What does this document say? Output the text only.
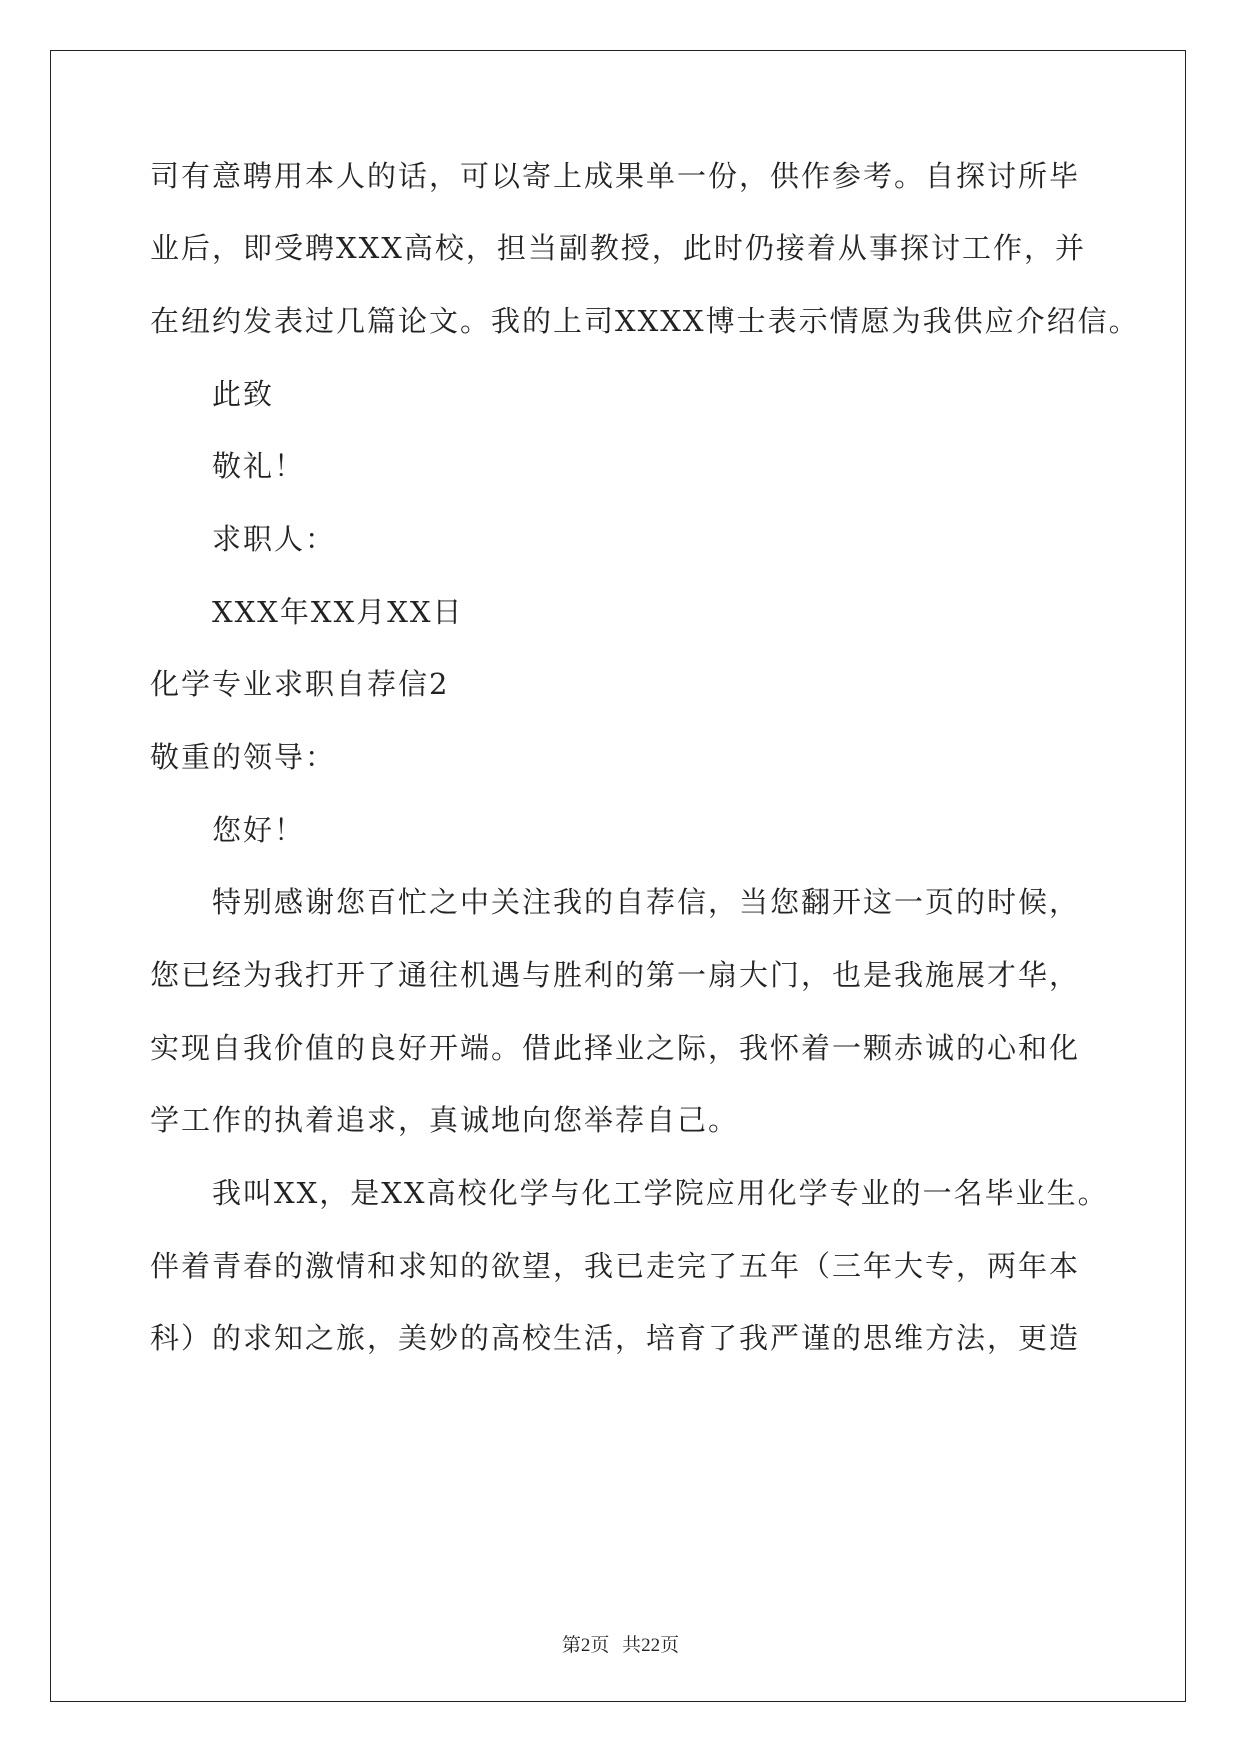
司有意聘用本人的话，可以寄上成果单一份，供作参考。自探讨所毕
业后，即受聘XXX高校，担当副教授，此时仍接着从事探讨工作，并
在纽约发表过几篇论文。我的上司XXXX博士表示情愿为我供应介绍信。
此致
敬礼！
求职人：
XXX年XX月XX日
化学专业求职自荐信2
敬重的领导：
您好！
特别感谢您百忙之中关注我的自荐信，当您翻开这一页的时候，
您已经为我打开了通往机遇与胜利的第一扇大门，也是我施展才华，
实现自我价值的良好开端。借此择业之际，我怀着一颗赤诚的心和化
学工作的执着追求，真诚地向您举荐自己。
我叫XX，是XX高校化学与化工学院应用化学专业的一名毕业生。
伴着青春的激情和求知的欲望，我已走完了五年（三年大专，两年本
科）的求知之旅，美妙的高校生活，培育了我严谨的思维方法，更造
第2页 共22页
